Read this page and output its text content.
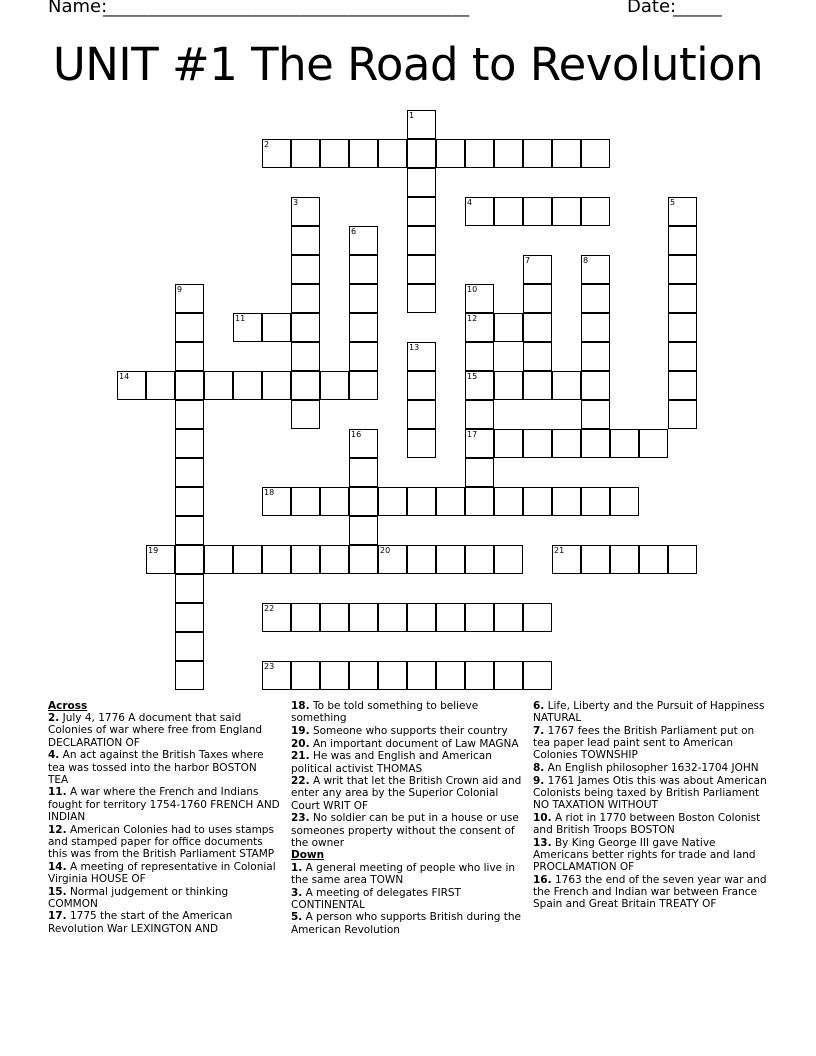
Name:
_____________________________________________________	Date:
_______
UNIT #1 The Road to Revolution
1
2
3	4	5
6
7	8
9	10
12
15
17
11
13
14
16
18
19	20	21
22
23
Across
2. July 4, 1776 A document that said Colonies of war where free from England DECLARATION OF
4. An act against the British Taxes where tea was tossed into the harbor BOSTON TEA
11. A war where the French and Indians fought for territory 1754-1760 FRENCH AND INDIAN
12. American Colonies had to uses stamps and stamped paper for office documents this was from the British Parliament STAMP
14. A meeting of representative in Colonial Virginia HOUSE OF
15. Normal judgement or thinking COMMON
17. 1775 the start of the American Revolution War LEXINGTON AND
18. To be told something to believe something
19. Someone who supports their country
20. An important document of Law MAGNA
21. He was and English and American political activist THOMAS
22. A writ that let the British Crown aid and enter any area by the Superior Colonial Court WRIT OF
23. No soldier can be put in a house or use someones property without the consent of the owner
Down
1. A general meeting of people who live in the same area TOWN
3. A meeting of delegates FIRST CONTINENTAL
5. A person who supports British during the American Revolution
6. Life, Liberty and the Pursuit of Happiness NATURAL
7. 1767 fees the British Parliament put on tea paper lead paint sent to American Colonies TOWNSHIP
8. An English philosopher 1632-1704 JOHN
9. 1761 James Otis this was about American Colonists being taxed by British Parliament NO TAXATION WITHOUT
10. A riot in 1770 between Boston Colonist and British Troops BOSTON
13. By King George III gave Native Americans better rights for trade and land PROCLAMATION OF
16. 1763 the end of the seven year war and the French and Indian war between France Spain and Great Britain TREATY OF
